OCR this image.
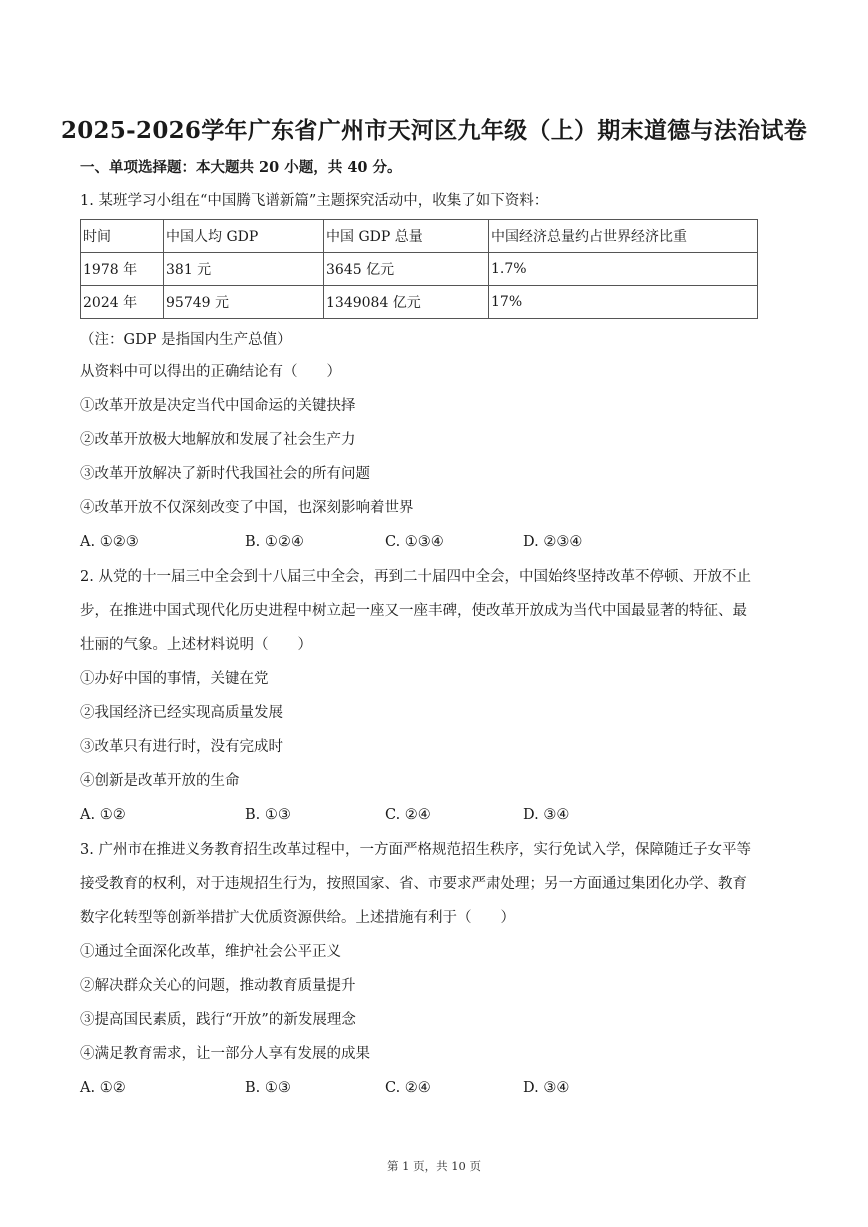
2025-2026学年广东省广州市天河区九年级（上）期末道德与法治试卷
一、单项选择题：本大题共 20 小题，共 40 分。
1. 某班学习小组在“中国腾飞谱新篇”主题探究活动中，收集了如下资料：
时间	中国人均 GDP	中国 GDP 总量	中国经济总量约占世界经济比重
1978 年	381 元	3645 亿元	1.7%
2024 年	95749 元	1349084 亿元	17%
（注：GDP 是指国内生产总值）
从资料中可以得出的正确结论有（　　）
①改革开放是决定当代中国命运的关键抉择
②改革开放极大地解放和发展了社会生产力
③改革开放解决了新时代我国社会的所有问题
④改革开放不仅深刻改变了中国，也深刻影响着世界
A. ①②③	B. ①②④	C. ①③④	D. ②③④
2. 从党的十一届三中全会到十八届三中全会，再到二十届四中全会，中国始终坚持改革不停顿、开放不止
步，在推进中国式现代化历史进程中树立起一座又一座丰碑，使改革开放成为当代中国最显著的特征、最
壮丽的气象。上述材料说明（　　）
①办好中国的事情，关键在党
②我国经济已经实现高质量发展
③改革只有进行时，没有完成时
④创新是改革开放的生命
A. ①②	B. ①③	C. ②④	D. ③④
3. 广州市在推进义务教育招生改革过程中，一方面严格规范招生秩序，实行免试入学，保障随迁子女平等
接受教育的权利，对于违规招生行为，按照国家、省、市要求严肃处理；另一方面通过集团化办学、教育
数字化转型等创新举措扩大优质资源供给。上述措施有利于（　　）
①通过全面深化改革，维护社会公平正义
②解决群众关心的问题，推动教育质量提升
③提高国民素质，践行“开放”的新发展理念
④满足教育需求，让一部分人享有发展的成果
A. ①②	B. ①③	C. ②④	D. ③④
第 1 页，共 10 页
